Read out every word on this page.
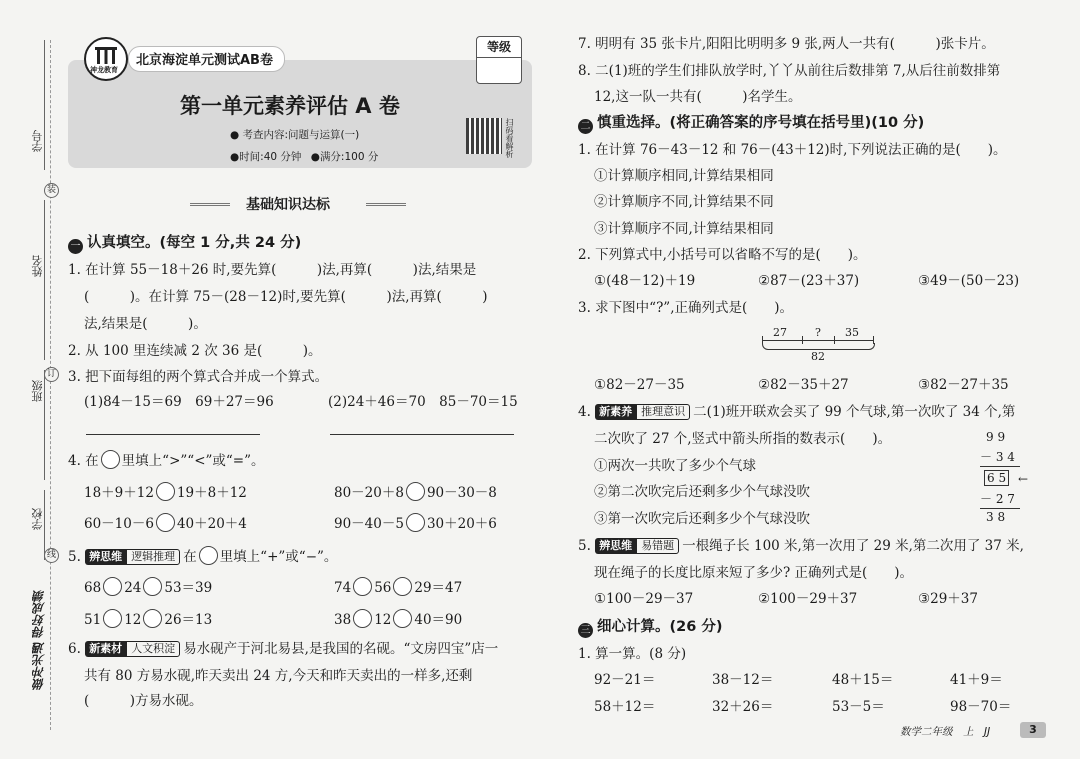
学号
姓名
班级
学校
做冲光遇 得好成绩
装
订
线
神龙教育
北京海淀单元测试AB卷
第一单元素养评估 A 卷
● 考查内容:问题与运算(一)
●时间:40 分钟 ●满分:100 分	扫码看解析
等级
基础知识达标
一 认真填空。(每空 1 分,共 24 分)
1. 在计算 55－18＋26 时,要先算(　　　)法,再算(　　　)法,结果是
(　　　)。在计算 75－(28－12)时,要先算(　　　)法,再算(　　　)
法,结果是(　　　)。
2. 从 100 里连续减 2 次 36 是(　　　)。
3. 把下面每组的两个算式合并成一个算式。
(1)84－15＝69　69＋27＝96	(2)24＋46＝70　85－70＝15
4. 在 里填上“>”“<”或“=”。
18＋9＋12 19＋8＋12	80－20＋8 90－30－8
60－10－6 40＋20＋4	90－40－5 30＋20＋6
5. 辨思维 逻辑推理 在 里填上“+”或“−”。
68 24 53＝39	74 56 29＝47
51 12 26＝13	38 12 40＝90
6. 新素材 人文积淀 易水砚产于河北易县,是我国的名砚。“文房四宝”店一
共有 80 方易水砚,昨天卖出 24 方,今天和昨天卖出的一样多,还剩
(　　　)方易水砚。
7. 明明有 35 张卡片,阳阳比明明多 9 张,两人一共有(　　　)张卡片。
8. 二(1)班的学生们排队放学时,丫丫从前往后数排第 7,从后往前数排第
12,这一队一共有(　　　)名学生。
二 慎重选择。(将正确答案的序号填在括号里)(10 分)
1. 在计算 76－43－12 和 76－(43＋12)时,下列说法正确的是(　　)。
①计算顺序相同,计算结果相同
②计算顺序不同,计算结果不同
③计算顺序不同,计算结果相同
2. 下列算式中,小括号可以省略不写的是(　　)。
①(48－12)＋19	②87－(23＋37)	③49－(50－23)
3. 求下图中“?”,正确列式是(　　)。
27	? 35
82
①82－27－35	②82－35＋27	③82－27＋35
4. 新素养 推理意识 二(1)班开联欢会买了 99 个气球,第一次吹了 34 个,第
二次吹了 27 个,竖式中箭头所指的数表示(　　)。
①两次一共吹了多少个气球
②第二次吹完后还剩多少个气球没吹
③第一次吹完后还剩多少个气球没吹
9 9
－ 3 4
6 5 ←
－ 2 7
3 8
5. 辨思维 易错题 一根绳子长 100 米,第一次用了 29 米,第二次用了 37 米,
现在绳子的长度比原来短了多少? 正确列式是(　　)。
①100－29－37	②100－29＋37	③29＋37
三 细心计算。(26 分)
1. 算一算。(8 分)
92－21＝	38－12＝	48＋15＝	41＋9＝
58＋12＝	32＋26＝	53－5＝	98－70＝
数学二年级　上　JJ	3
